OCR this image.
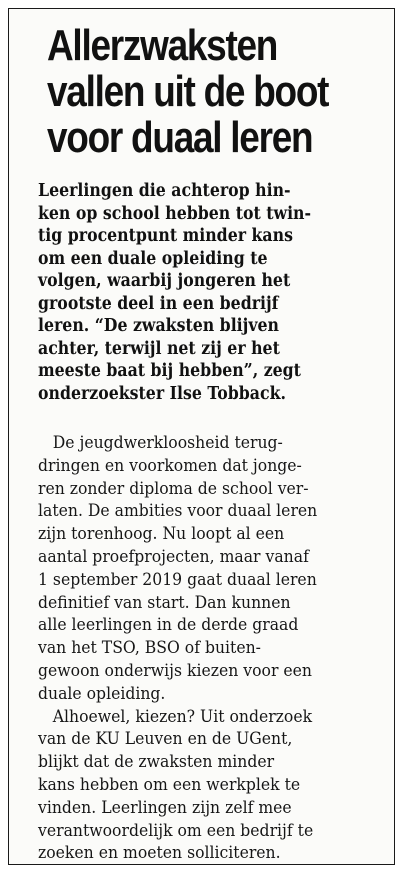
Allerzwaksten
vallen uit de boot
voor duaal leren
Leerlingen die achterop hin-
ken op school hebben tot twin-
tig procentpunt minder kans
om een duale opleiding te
volgen, waarbij jongeren het
grootste deel in een bedrijf
leren. “De zwaksten blijven
achter, terwijl net zij er het
meeste baat bij hebben”, zegt
onderzoekster Ilse Tobback.
De jeugdwerkloosheid terug-
dringen en voorkomen dat jonge-
ren zonder diploma de school ver-
laten. De ambities voor duaal leren
zijn torenhoog. Nu loopt al een
aantal proefprojecten, maar vanaf
1 september 2019 gaat duaal leren
definitief van start. Dan kunnen
alle leerlingen in de derde graad
van het TSO, BSO of buiten-
gewoon onderwijs kiezen voor een
duale opleiding.
Alhoewel, kiezen? Uit onderzoek
van de KU Leuven en de UGent,
blijkt dat de zwaksten minder
kans hebben om een werkplek te
vinden. Leerlingen zijn zelf mee
verantwoordelijk om een bedrijf te
zoeken en moeten solliciteren.
